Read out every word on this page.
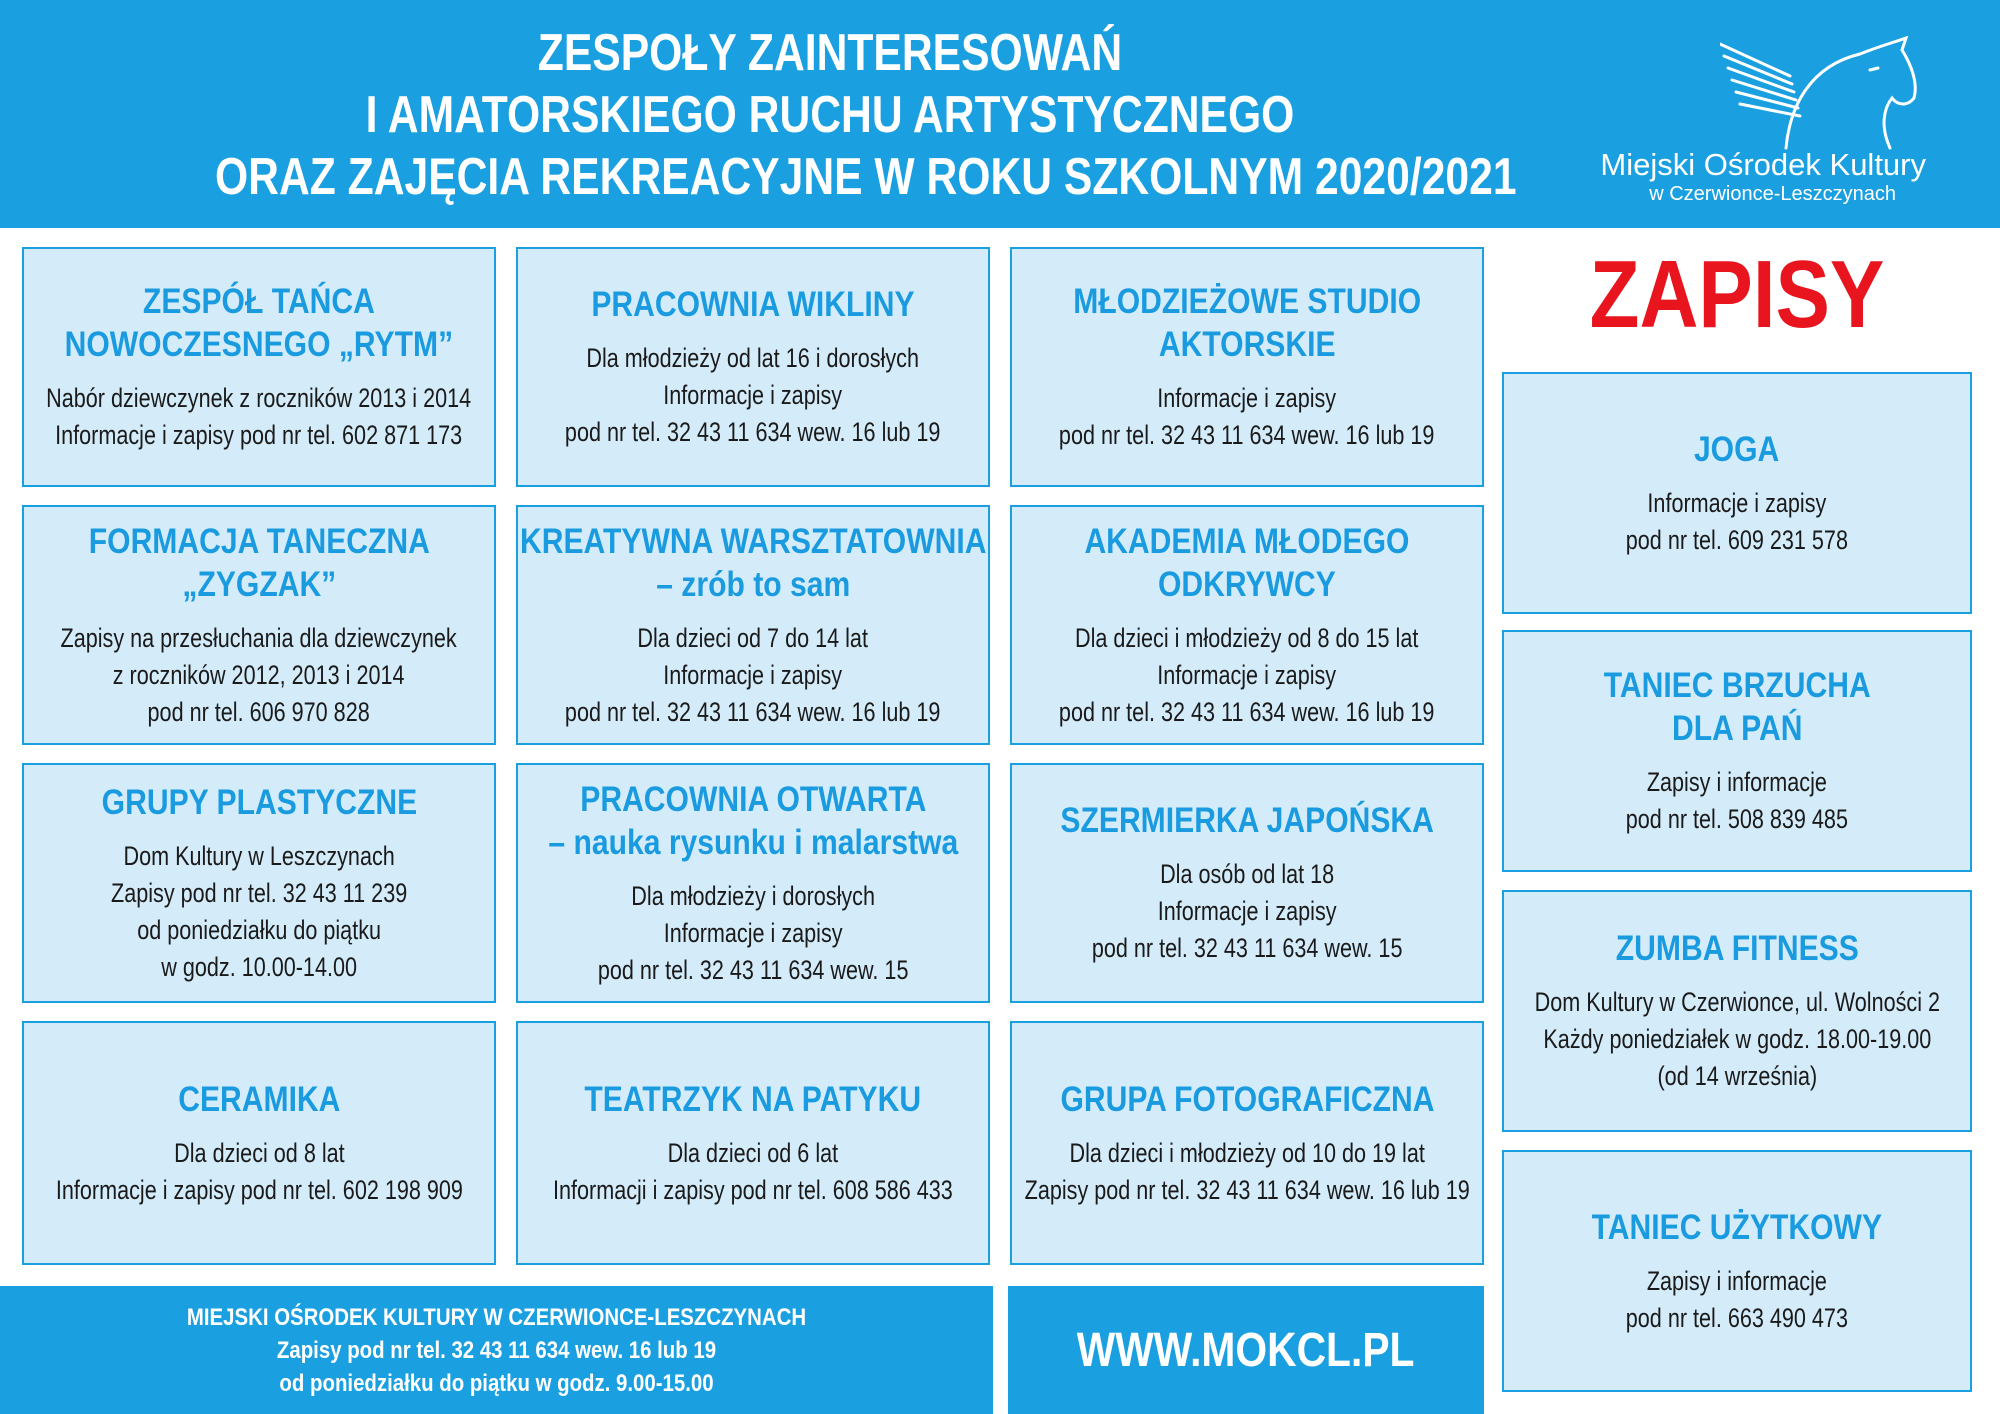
ZESPOŁY ZAINTERESOWAŃ
I AMATORSKIEGO RUCHU ARTYSTYCZNEGO
ORAZ ZAJĘCIA REKREACYJNE W ROKU SZKOLNYM 2020/2021	Miejski Ośrodek Kultury
w Czerwionce-Leszczynach
ZESPÓŁ TAŃCA
NOWOCZESNEGO „RYTM”
Nabór dziewczynek z roczników 2013 i 2014
Informacje i zapisy pod nr tel. 602 871 173
PRACOWNIA WIKLINY
Dla młodzieży od lat 16 i dorosłych
Informacje i zapisy
pod nr tel. 32 43 11 634 wew. 16 lub 19
MŁODZIEŻOWE STUDIO
AKTORSKIE
Informacje i zapisy
pod nr tel. 32 43 11 634 wew. 16 lub 19
FORMACJA TANECZNA
„ZYGZAK”
Zapisy na przesłuchania dla dziewczynek
z roczników 2012, 2013 i 2014
pod nr tel. 606 970 828
KREATYWNA WARSZTATOWNIA
– zrób to sam
Dla dzieci od 7 do 14 lat
Informacje i zapisy
pod nr tel. 32 43 11 634 wew. 16 lub 19
AKADEMIA MŁODEGO
ODKRYWCY
Dla dzieci i młodzieży od 8 do 15 lat
Informacje i zapisy
pod nr tel. 32 43 11 634 wew. 16 lub 19
GRUPY PLASTYCZNE
Dom Kultury w Leszczynach
Zapisy pod nr tel. 32 43 11 239
od poniedziałku do piątku
w godz. 10.00-14.00
PRACOWNIA OTWARTA
– nauka rysunku i malarstwa
Dla młodzieży i dorosłych
Informacje i zapisy
pod nr tel. 32 43 11 634 wew. 15
SZERMIERKA JAPOŃSKA
Dla osób od lat 18
Informacje i zapisy
pod nr tel. 32 43 11 634 wew. 15
CERAMIKA
Dla dzieci od 8 lat
Informacje i zapisy pod nr tel. 602 198 909
TEATRZYK NA PATYKU
Dla dzieci od 6 lat
Informacji i zapisy pod nr tel. 608 586 433
GRUPA FOTOGRAFICZNA
Dla dzieci i młodzieży od 10 do 19 lat
Zapisy pod nr tel. 32 43 11 634 wew. 16 lub 19
JOGA
Informacje i zapisy
pod nr tel. 609 231 578
TANIEC BRZUCHA
DLA PAŃ
Zapisy i informacje
pod nr tel. 508 839 485
ZUMBA FITNESS
Dom Kultury w Czerwionce, ul. Wolności 2
Każdy poniedziałek w godz. 18.00-19.00
(od 14 września)
TANIEC UŻYTKOWY
Zapisy i informacje
pod nr tel. 663 490 473
ZAPISY
MIEJSKI OŚRODEK KULTURY W CZERWIONCE-LESZCZYNACH
Zapisy pod nr tel. 32 43 11 634 wew. 16 lub 19
od poniedziałku do piątku w godz. 9.00-15.00
WWW.MOKCL.PL
